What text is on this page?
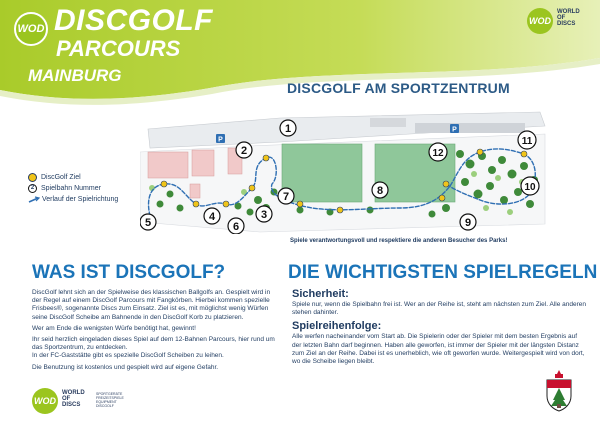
WOD DISCGOLF
PARCOURS
MAINBURG
WOD
WORLD
OF
DISCS
DISCGOLF AM SPORTZENTRUM
P
P
1
2
3
4
5	6
7	8
9
10
11
12
DiscGolf Ziel
2 Spielbahn Nummer
Verlauf der Spielrichtung
Spiele verantwortungsvoll und respektiere die anderen Besucher des Parks!
WAS IST DISCGOLF?

DiscGolf lehnt sich an der Spielweise des klassischen Ballgolfs an. Gespielt wird in der Regel auf einem DiscGolf Parcours mit Fangkörben. Hierbei kommen spezielle Frisbees®, sogenannte Discs zum Einsatz. Ziel ist es, mit möglichst wenig Würfen seine DiscGolf Scheibe am Bahnende in den DiscGolf Korb zu platzieren.

Wer am Ende die wenigsten Würfe benötigt hat, gewinnt!

Ihr seid herzlich eingeladen dieses Spiel auf dem 12-Bahnen Parcours, hier rund um das Sportzentrum, zu entdecken.
In der FC-Gaststätte gibt es spezielle DiscGolf Scheiben zu leihen.

Die Benutzung ist kostenlos und gespielt wird auf eigene Gefahr.

WOD
WORLD
OF
DISCS
SPORTGERÄTE
FREIZEITSPIELE
EQUIPMENT
DISCGOLF
DIE WICHTIGSTEN SPIELREGELN
Sicherheit:

Spiele nur, wenn die Spielbahn frei ist. Wer an der Reihe ist, steht am nächsten zum Ziel. Alle anderen stehen dahinter.

Spielreihenfolge:

Alle werfen nacheinander vom Start ab. Die Spielerin oder der Spieler mit dem besten Ergebnis auf der letzten Bahn darf beginnen. Haben alle geworfen, ist immer der Spieler mit der längsten Distanz zum Ziel an der Reihe. Dabei ist es unerheblich, wie oft geworfen wurde. Weitergespielt wird von dort, wo die Scheibe liegen bleibt.
